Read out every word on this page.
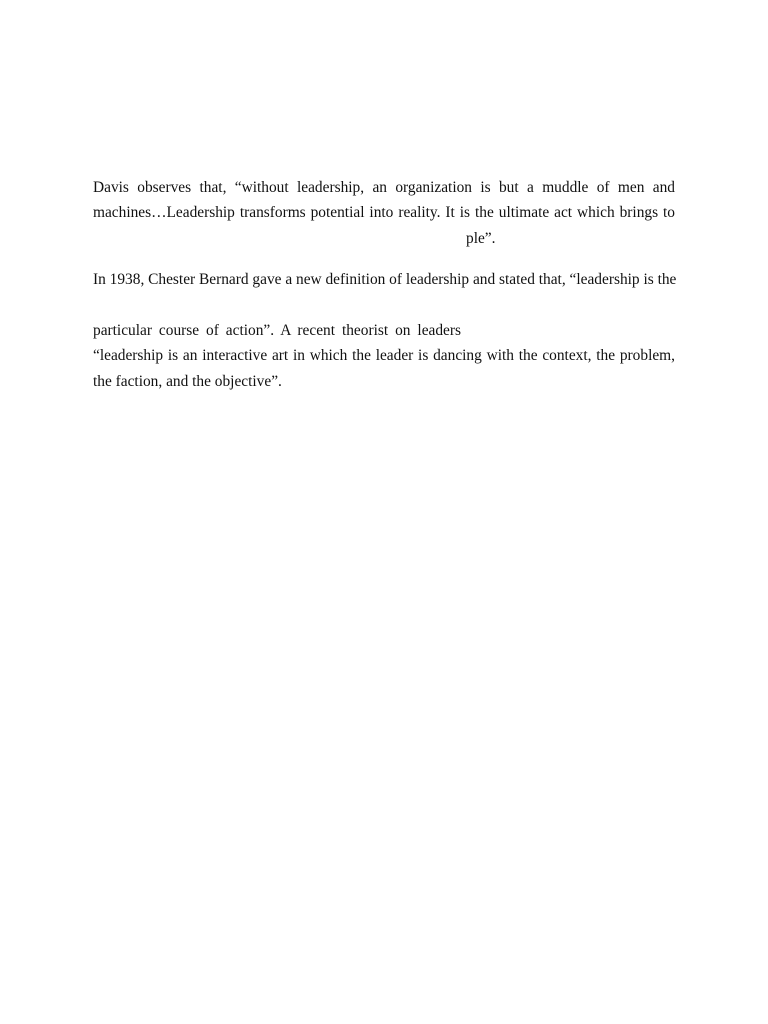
Davis observes that, “without leadership, an organization is but a muddle of men and

machines…Leadership transforms potential into reality. It is the ultimate act which brings to

ple”.

In 1938, Chester Bernard gave a new definition of leadership and stated that, “leadership is the

particular course of action”. A recent theorist on leaders

“leadership is an interactive art in which the leader is dancing with the context, the problem,

the faction, and the objective”.
